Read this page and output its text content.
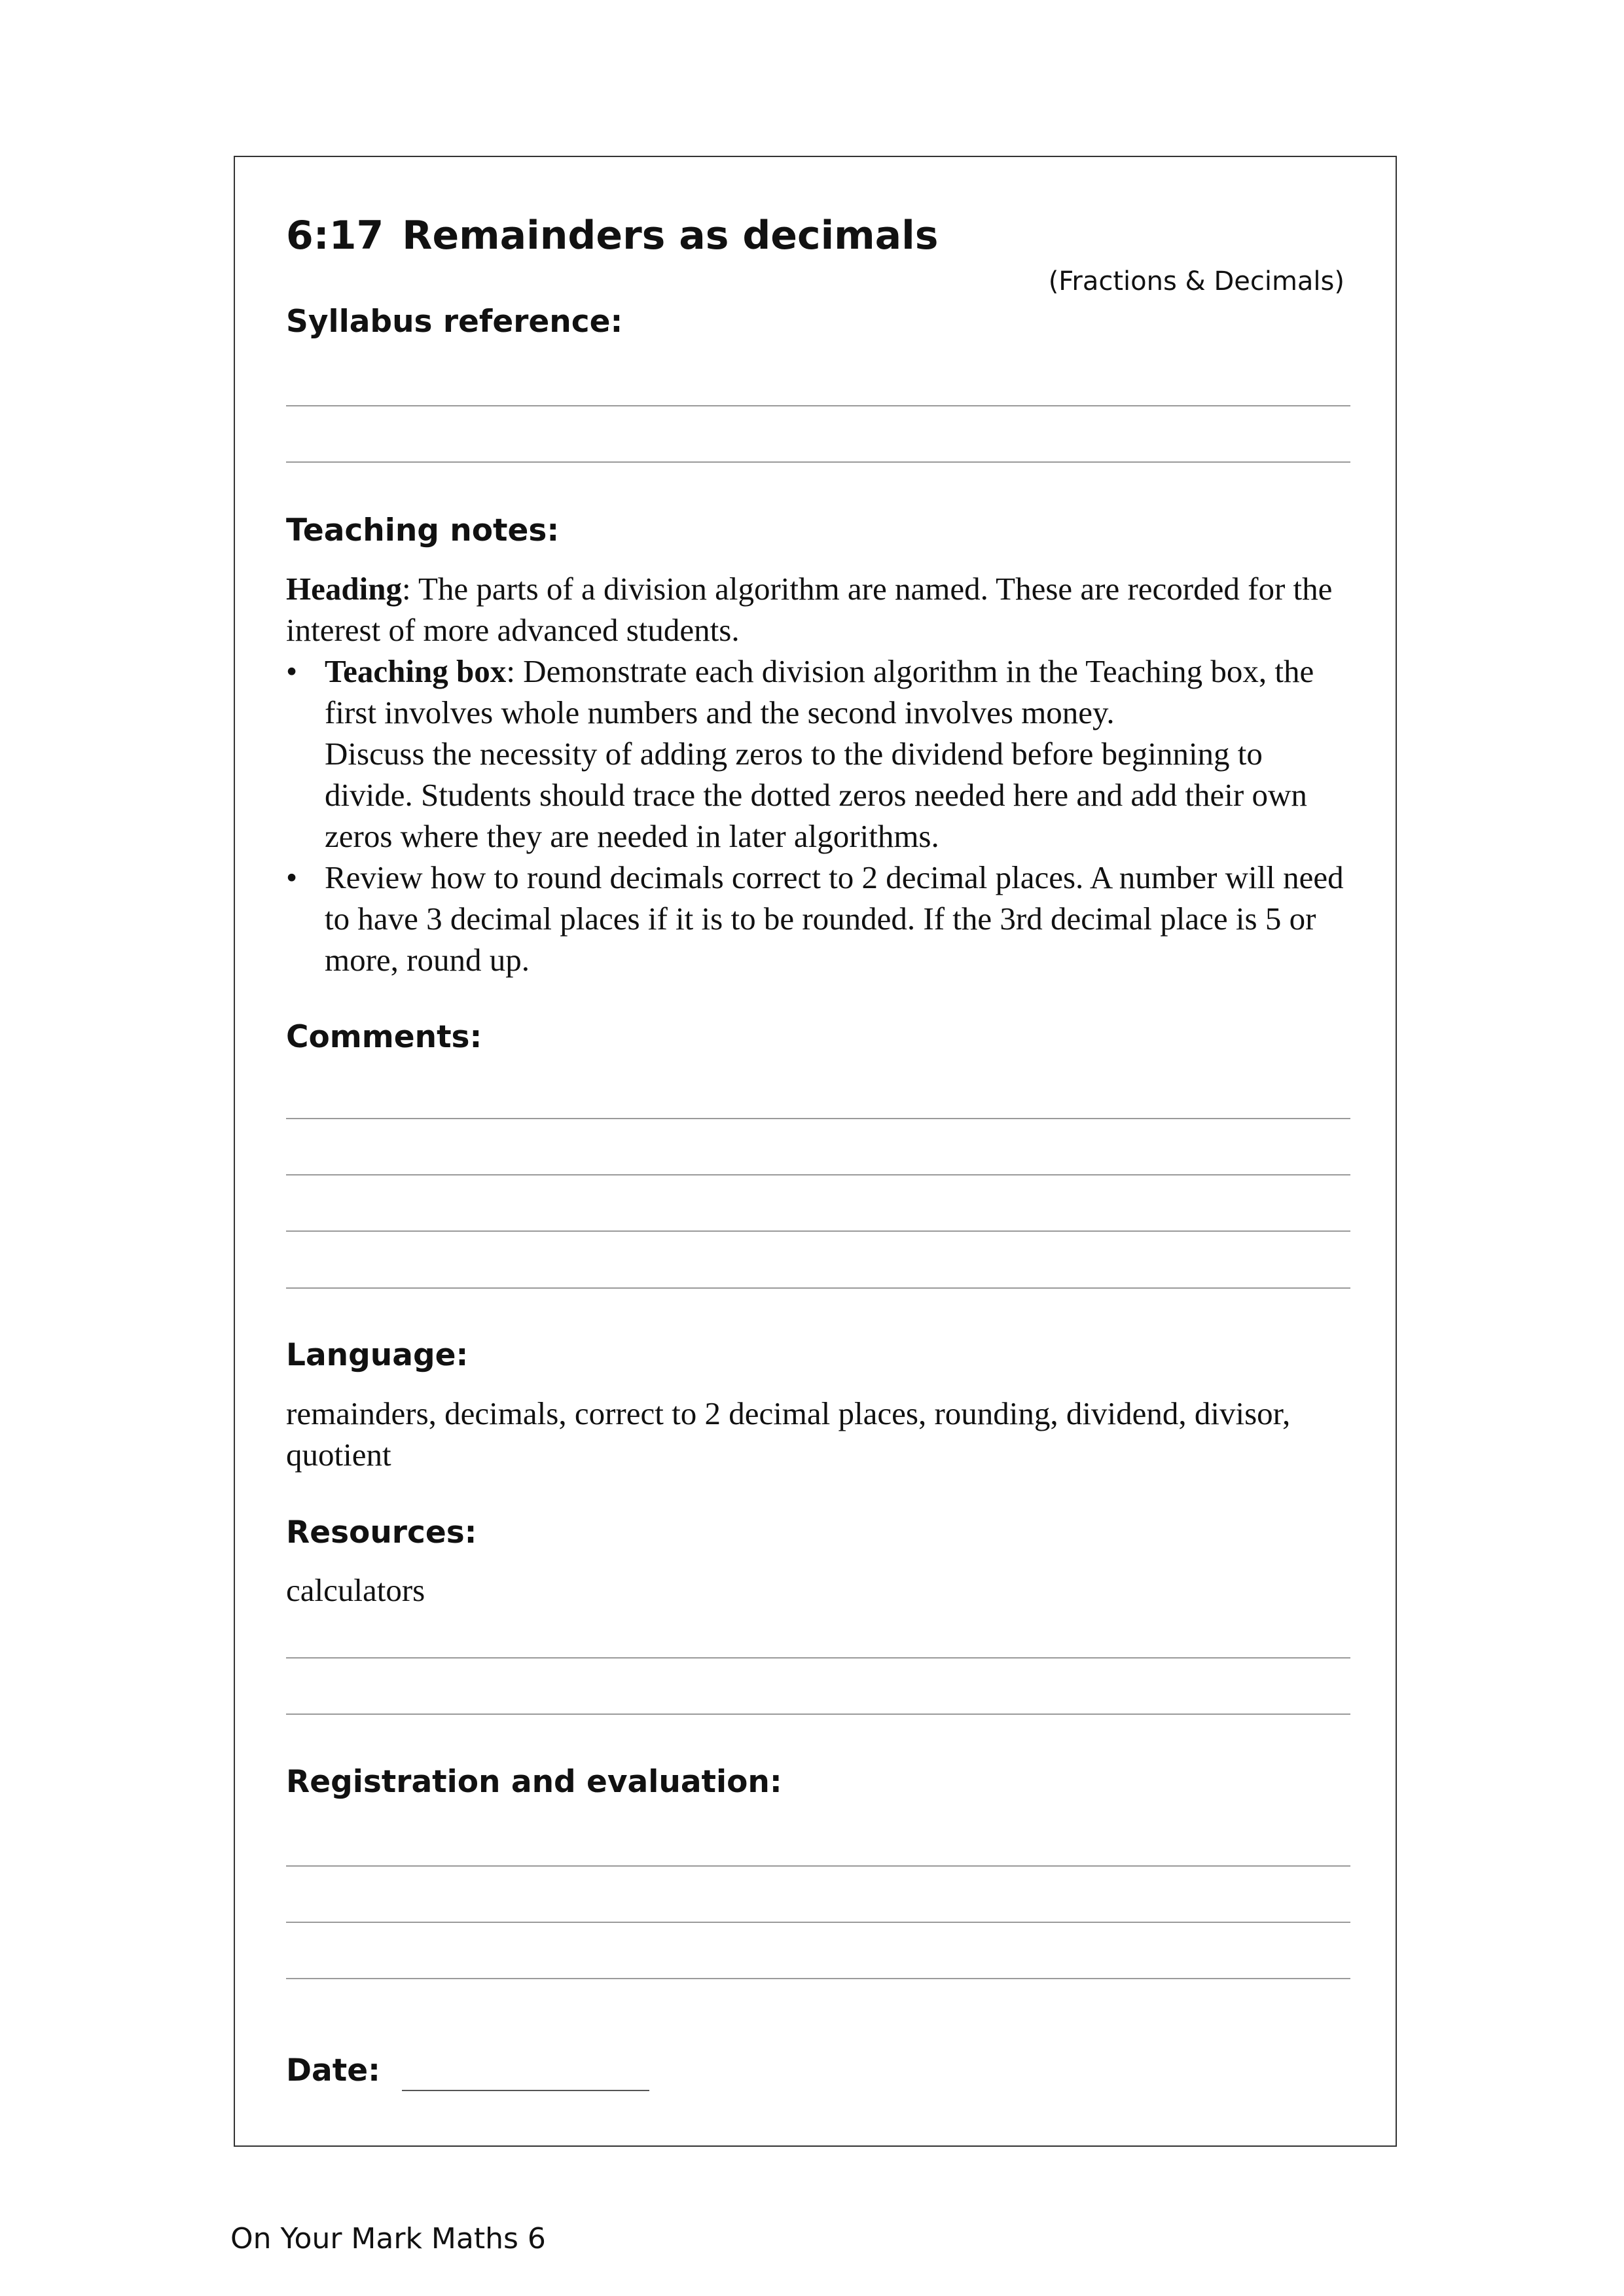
6:17 Remainders as decimals
(Fractions & Decimals)
Syllabus reference:
Teaching notes:

Heading: The parts of a division algorithm are named. These are recorded for the interest of more advanced students.

• Teaching box: Demonstrate each division algorithm in the Teaching box, the first involves whole numbers and the second involves money.
Discuss the necessity of adding zeros to the dividend before beginning to divide. Students should trace the dotted zeros needed here and add their own zeros where they are needed in later algorithms.
• Review how to round decimals correct to 2 decimal places. A number will need to have 3 decimal places if it is to be rounded. If the 3rd decimal place is 5 or more, round up.
Comments:
Language:
remainders, decimals, correct to 2 decimal places, rounding, dividend, divisor, quotient
Resources:
calculators
Registration and evaluation:
Date:
On Your Mark Maths 6
